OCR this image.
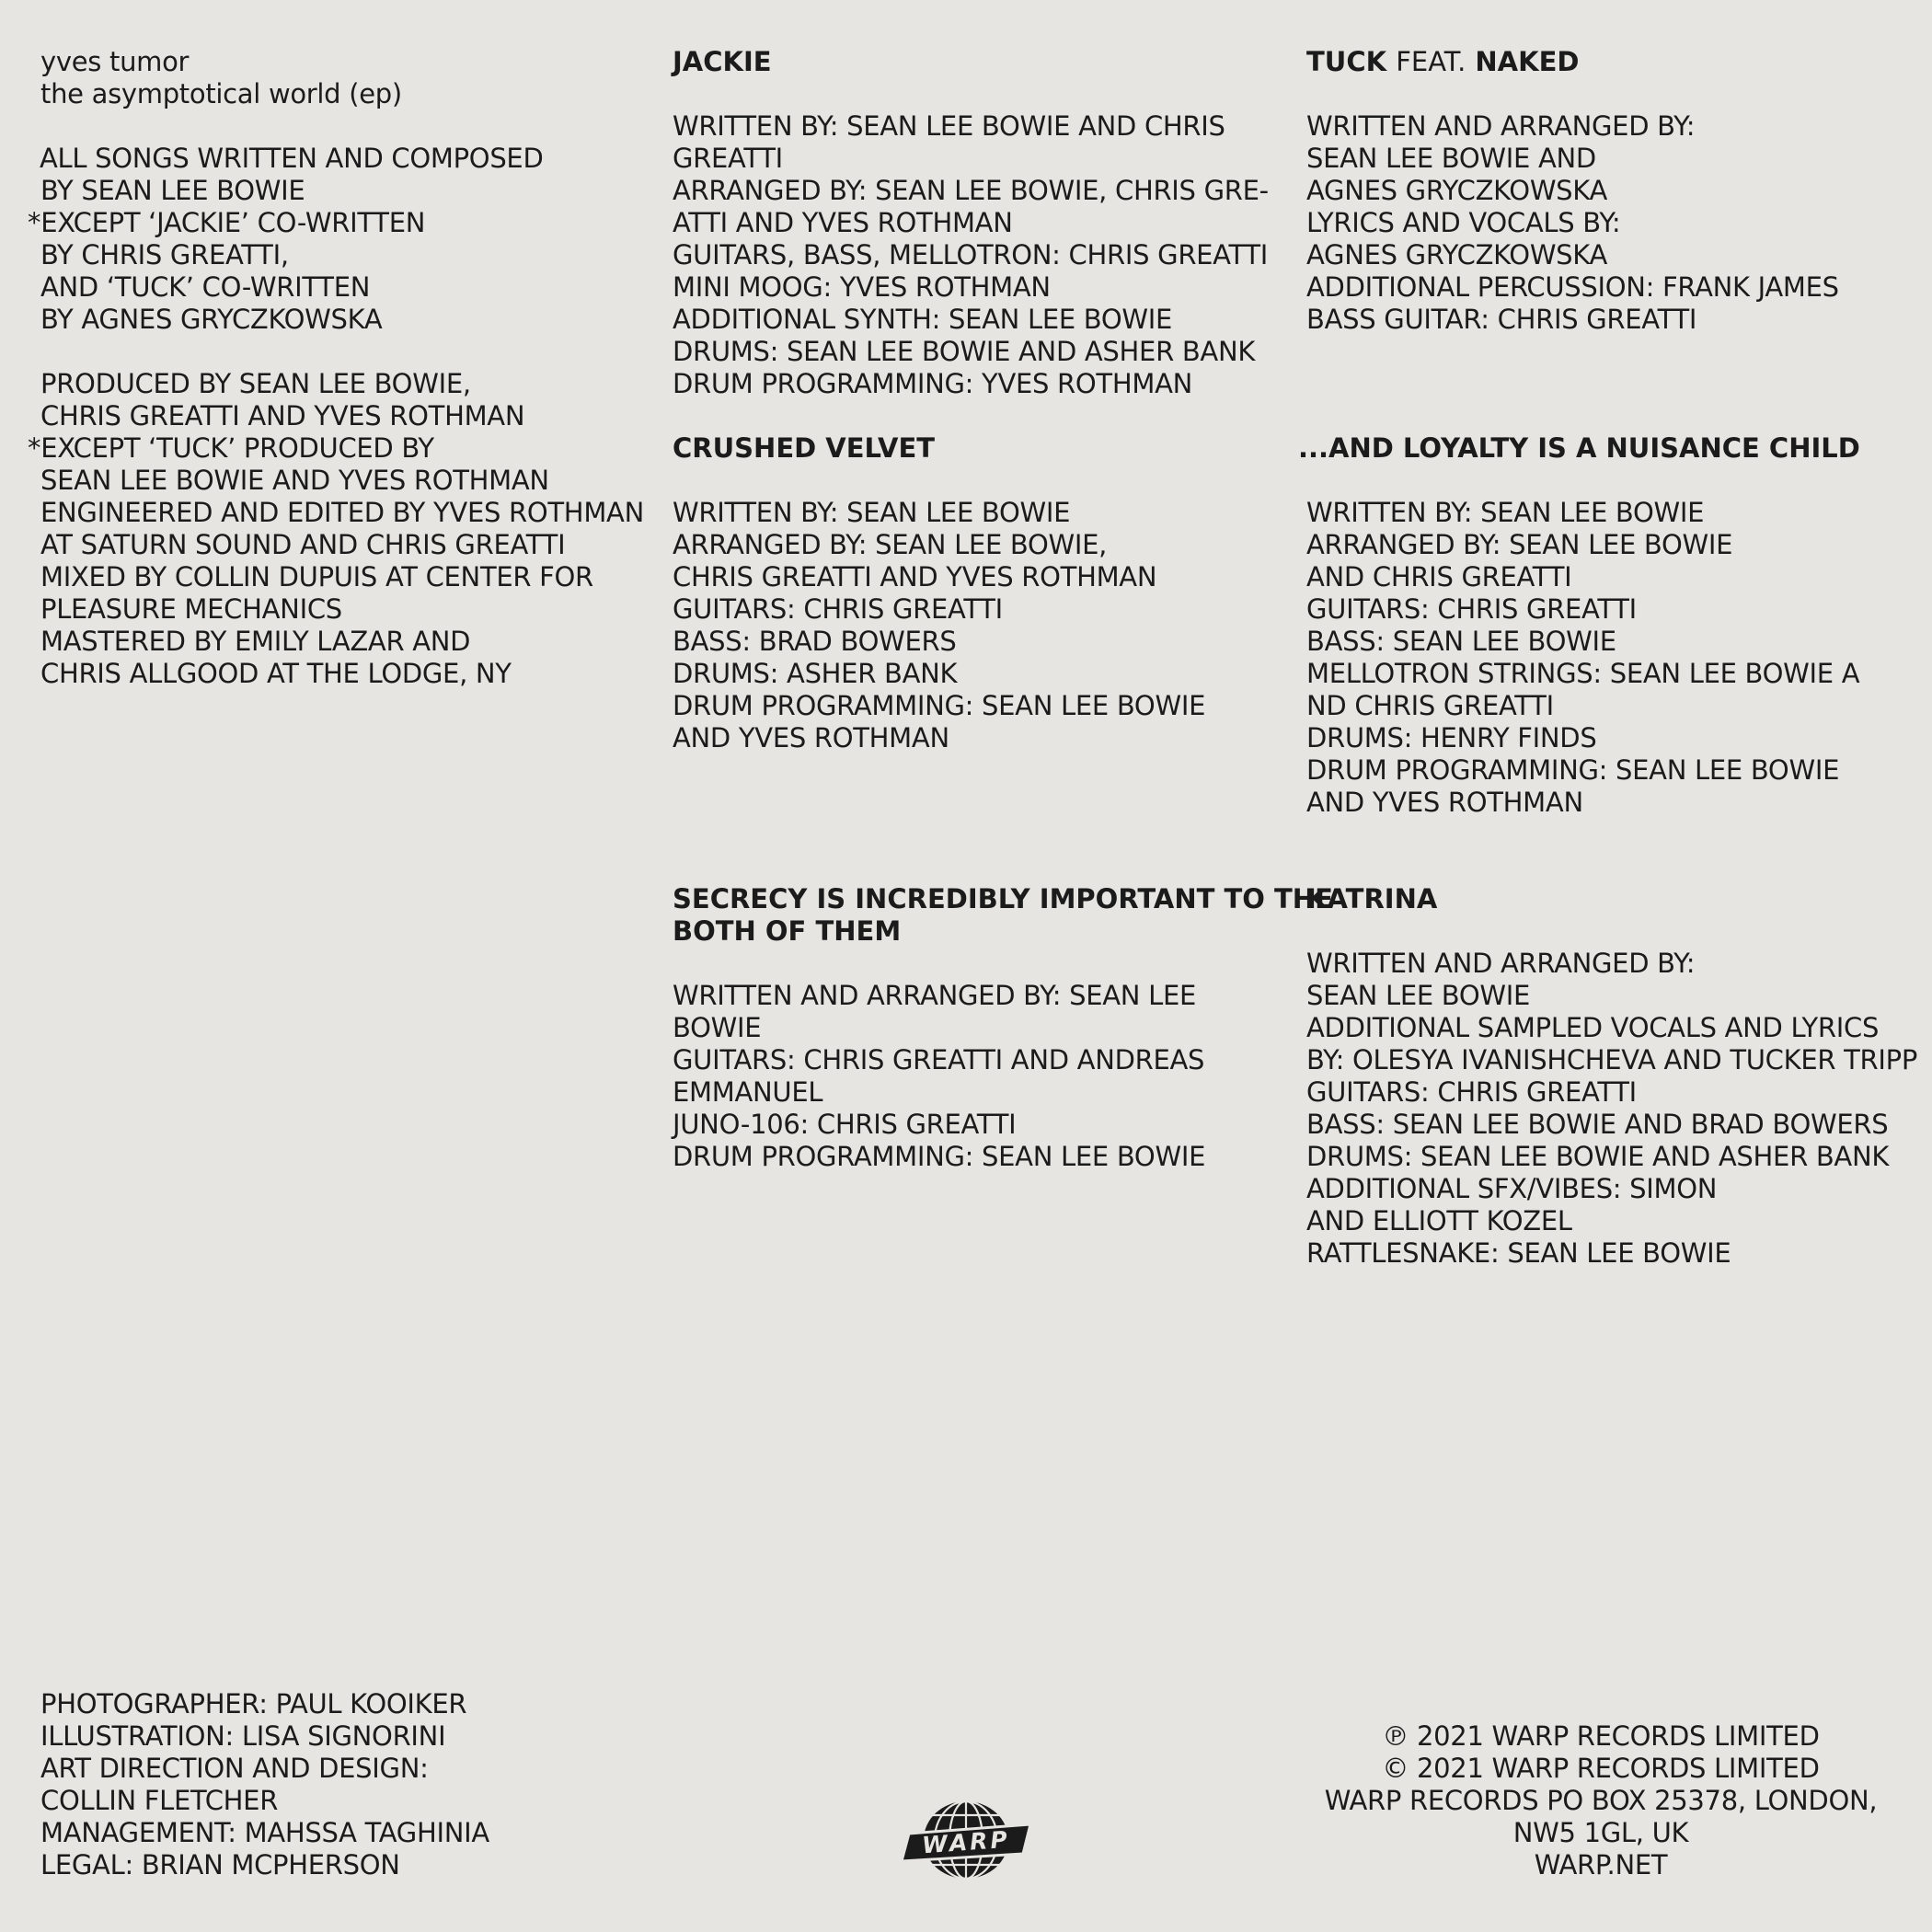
yves tumor
the asymptotical world (ep)
ALL SONGS WRITTEN AND COMPOSED
BY SEAN LEE BOWIE
*EXCEPT ‘JACKIE’ CO-WRITTEN
BY CHRIS GREATTI,
AND ‘TUCK’ CO-WRITTEN
BY AGNES GRYCZKOWSKA
PRODUCED BY SEAN LEE BOWIE,
CHRIS GREATTI AND YVES ROTHMAN
*EXCEPT ‘TUCK’ PRODUCED BY
SEAN LEE BOWIE AND YVES ROTHMAN
ENGINEERED AND EDITED BY YVES ROTHMAN
AT SATURN SOUND AND CHRIS GREATTI
MIXED BY COLLIN DUPUIS AT CENTER FOR
PLEASURE MECHANICS
MASTERED BY EMILY LAZAR AND
CHRIS ALLGOOD AT THE LODGE, NY
JACKIE
WRITTEN BY: SEAN LEE BOWIE AND CHRIS
GREATTI
ARRANGED BY: SEAN LEE BOWIE, CHRIS GRE-
ATTI AND YVES ROTHMAN
GUITARS, BASS, MELLOTRON: CHRIS GREATTI
MINI MOOG: YVES ROTHMAN
ADDITIONAL SYNTH: SEAN LEE BOWIE
DRUMS: SEAN LEE BOWIE AND ASHER BANK
DRUM PROGRAMMING: YVES ROTHMAN
CRUSHED VELVET
WRITTEN BY: SEAN LEE BOWIE
ARRANGED BY: SEAN LEE BOWIE,
CHRIS GREATTI AND YVES ROTHMAN
GUITARS: CHRIS GREATTI
BASS: BRAD BOWERS
DRUMS: ASHER BANK
DRUM PROGRAMMING: SEAN LEE BOWIE
AND YVES ROTHMAN
SECRECY IS INCREDIBLY IMPORTANT TO THE
BOTH OF THEM
WRITTEN AND ARRANGED BY: SEAN LEE
BOWIE
GUITARS: CHRIS GREATTI AND ANDREAS
EMMANUEL
JUNO-106: CHRIS GREATTI
DRUM PROGRAMMING: SEAN LEE BOWIE
TUCK FEAT. NAKED
WRITTEN AND ARRANGED BY:
SEAN LEE BOWIE AND
AGNES GRYCZKOWSKA
LYRICS AND VOCALS BY:
AGNES GRYCZKOWSKA
ADDITIONAL PERCUSSION: FRANK JAMES
BASS GUITAR: CHRIS GREATTI
...AND LOYALTY IS A NUISANCE CHILD
WRITTEN BY: SEAN LEE BOWIE
ARRANGED BY: SEAN LEE BOWIE
AND CHRIS GREATTI
GUITARS: CHRIS GREATTI
BASS: SEAN LEE BOWIE
MELLOTRON STRINGS: SEAN LEE BOWIE A
ND CHRIS GREATTI
DRUMS: HENRY FINDS
DRUM PROGRAMMING: SEAN LEE BOWIE
AND YVES ROTHMAN
KATRINA
WRITTEN AND ARRANGED BY:
SEAN LEE BOWIE
ADDITIONAL SAMPLED VOCALS AND LYRICS
BY: OLESYA IVANISHCHEVA AND TUCKER TRIPP
GUITARS: CHRIS GREATTI
BASS: SEAN LEE BOWIE AND BRAD BOWERS
DRUMS: SEAN LEE BOWIE AND ASHER BANK
ADDITIONAL SFX/VIBES: SIMON
AND ELLIOTT KOZEL
RATTLESNAKE: SEAN LEE BOWIE
PHOTOGRAPHER: PAUL KOOIKER
ILLUSTRATION: LISA SIGNORINI
ART DIRECTION AND DESIGN:
COLLIN FLETCHER
MANAGEMENT: MAHSSA TAGHINIA
LEGAL: BRIAN MCPHERSON
WARP
℗ 2021 WARP RECORDS LIMITED
© 2021 WARP RECORDS LIMITED
WARP RECORDS PO BOX 25378, LONDON,
NW5 1GL, UK
WARP.NET
